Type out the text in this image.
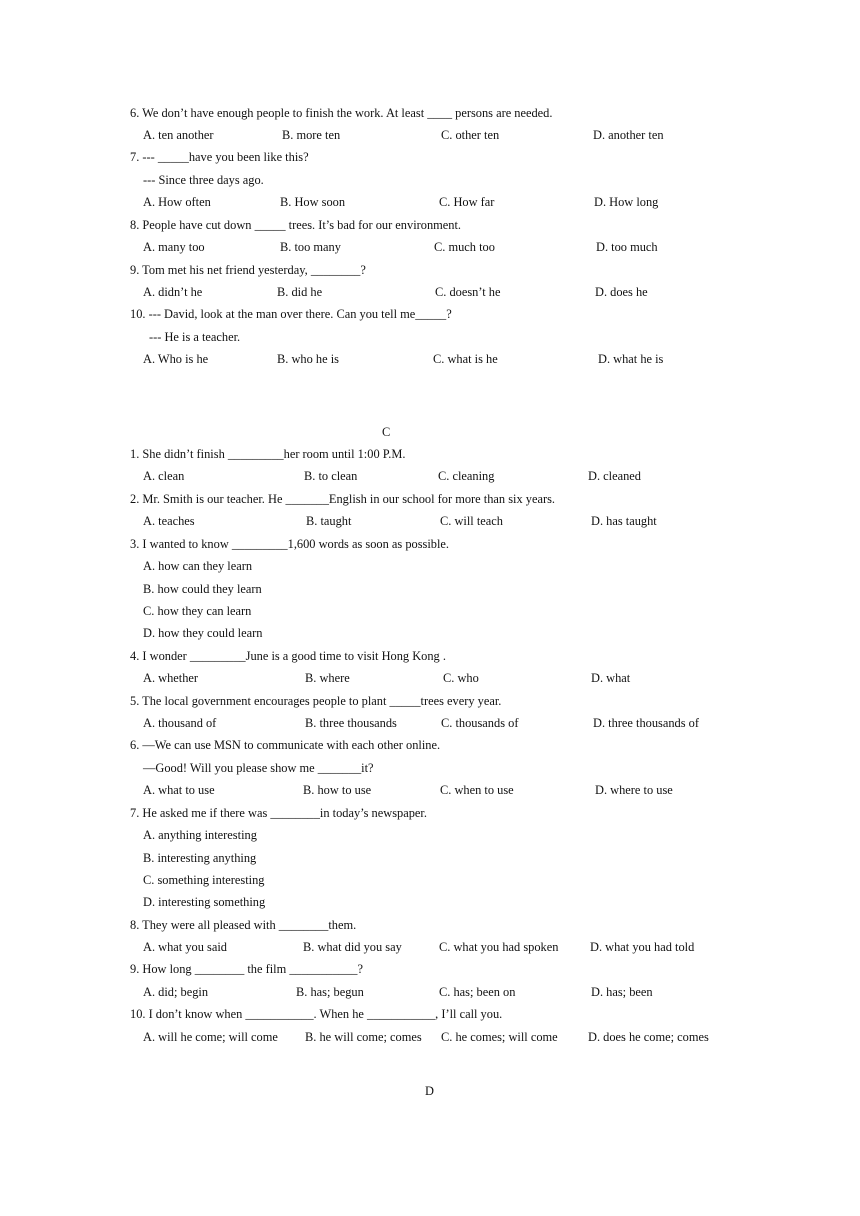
6. We don’t have enough people to finish the work. At least ____ persons are needed.
A. ten another	B. more ten	C. other ten	D. another ten
7. --- _____have you been like this?
--- Since three days ago.
A. How often	B. How soon	C. How far	D. How long
8. People have cut down _____ trees. It’s bad for our environment.
A. many too	B. too many	C. much too	D. too much
9. Tom met his net friend yesterday, ________?
A. didn’t he	B. did he	C. doesn’t he	D. does he
10. --- David, look at the man over there. Can you tell me_____?
--- He is a teacher.
A. Who is he	B. who he is	C. what is he	D. what he is
C
1. She didn’t finish _________her room until 1:00 P.M.
A. clean	B. to clean	C. cleaning	D. cleaned
2. Mr. Smith is our teacher. He _______English in our school for more than six years.
A. teaches	B. taught	C. will teach	D. has taught
3. I wanted to know _________1,600 words as soon as possible.
A. how can they learn
B. how could they learn
C. how they can learn
D. how they could learn
4. I wonder _________June is a good time to visit Hong Kong .
A. whether	B. where	C. who	D. what
5. The local government encourages people to plant _____trees every year.
A. thousand of	B. three thousands	C. thousands of	D. three thousands of
6. —We can use MSN to communicate with each other online.
—Good! Will you please show me _______it?
A. what to use	B. how to use	C. when to use	D. where to use
7. He asked me if there was ________in today’s newspaper.
A. anything interesting
B. interesting anything
C. something interesting
D. interesting something
8. They were all pleased with ________them.
A. what you said	B. what did you say	C. what you had spoken	D. what you had told
9. How long ________ the film ___________?
A. did; begin	B. has; begun	C. has; been on	D. has; been
10. I don’t know when ___________. When he ___________, I’ll call you.
A. will he come; will come B. he will come; comes C. he comes; will come D. does he come; comes
D
